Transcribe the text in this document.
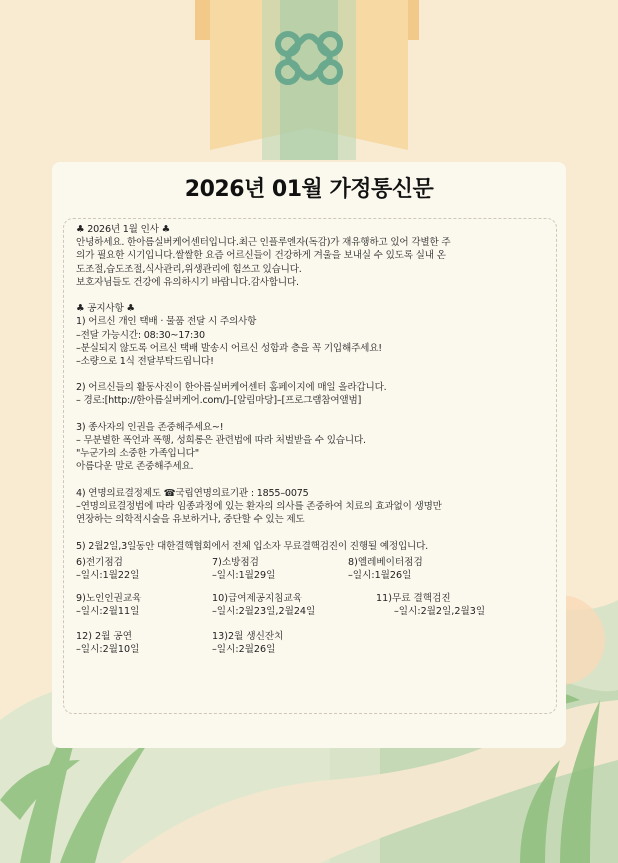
2026년 01월 가정통신문
♣ 2026년 1월 인사 ♣
안녕하세요. 한아름실버케어센터입니다.최근 인플루엔자(독감)가 재유행하고 있어 각별한 주
의가 필요한 시기입니다.쌀쌀한 요즘 어르신들이 건강하게 겨울을 보내실 수 있도록 실내 온
도조절,습도조절,식사관리,위생관리에 힘쓰고 있습니다.
보호자님들도 건강에 유의하시기 바랍니다.감사합니다.
♣ 공지사항 ♣
1) 어르신 개인 택배 · 물품 전달 시 주의사항
–전달 가능시간: 08:30~17:30
–분실되지 않도록 어르신 택배 발송시 어르신 성함과 층을 꼭 기입해주세요!
–소량으로 1식 전달부탁드립니다!
2) 어르신들의 활동사진이 한아름실버케어센터 홈페이지에 매일 올라갑니다.
– 경로:[http://한아름실버케어.com/]–[알림마당]–[프로그램참여앨범]
3) 종사자의 인권을 존중해주세요~!
– 무분별한 폭언과 폭행, 성희롱은 관련법에 따라 처벌받을 수 있습니다.
"누군가의 소중한 가족입니다"
아름다운 말로 존중해주세요.
4) 연명의료결정제도 ☎국립연명의료기관 : 1855–0075
–연명의료결정법에 따라 임종과정에 있는 환자의 의사를 존중하여 치료의 효과없이 생명만
연장하는 의학적시술을 유보하거나, 중단할 수 있는 제도
5) 2월2일,3일동안 대한결핵협회에서 전체 입소자 무료결핵검진이 진행될 예정입니다.
6)전기점검
–일시:1월22일
7)소방점검
–일시:1월29일
8)엘레베이터점검
–일시:1월26일
9)노인인권교육
–일시:2월11일
10)급여제공지침교육
–일시:2월23일,2월24일
11)무료 결핵검진
–일시:2월2일,2월3일
12) 2월 공연
–일시:2월10일
13)2월 생신잔치
–일시:2월26일
